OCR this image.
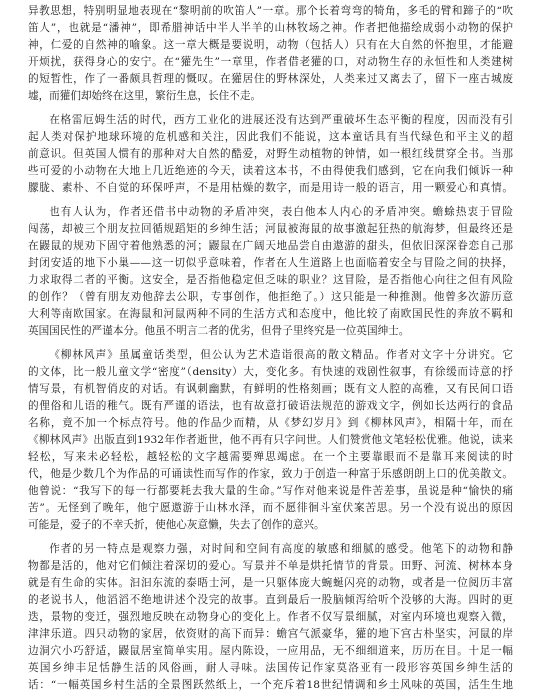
异教思想，特别明显地表现在“黎明前的吹笛人”一章。那个长着弯弯的犄角，多毛的臂和蹄子的“吹
笛人”，也就是“潘神”，即希腊神话中半人半羊的山林牧场之神。作者把他描绘成弱小动物的保护
神，仁爱的自然神的喻象。这一章大概是要说明，动物（包括人）只有在大自然的怀抱里，才能避
开烦扰，获得身心的安宁。在“獾先生”一章里，作者借老獾的口，对动物生存的永恒性和人类建树
的短暂性，作了一番颇具哲理的慨叹。在獾居住的野林深处，人类来过又离去了，留下一座古城废
墟，而獾们却始终在这里，繁衍生息，长住不走。
在格雷厄姆生活的时代，西方工业化的进展还没有达到严重破坏生态平衡的程度，因而没有引
起人类对保护地球环境的危机感和关注，因此我们不能说，这本童话具有当代绿色和平主义的超
前意识。但英国人惯有的那种对大自然的酷爱，对野生动植物的钟情，如一根红线贯穿全书。当那
些可爱的小动物在大地上几近绝迹的今天，读着这本书，不由得使我们感到，它在向我们倾诉一种
朦胧、素朴、不自觉的环保呼声，不是用枯燥的数字，而是用诗一般的语言，用一颗爱心和真情。
也有人认为，作者还借书中动物的矛盾冲突，表白他本人内心的矛盾冲突。蟾蜍热衷于冒险
闯荡，却被三个朋友拉回循规蹈矩的乡绅生活；河鼠被海鼠的故事激起狂热的航海梦，但最终还是
在鼹鼠的规劝下固守着他熟悉的河；鼹鼠在广阔天地品尝自由遨游的甜头，但依旧深深眷恋自己那
封闭安适的地下小巢——这一切似乎意味着，作者在人生道路上也面临着安全与冒险之间的抉择，
力求取得二者的平衡。这安全，是否指他稳定但乏味的职业？这冒险，是否指他心向往之但有风险
的创作？（曾有朋友劝他辞去公职，专事创作，他拒绝了。）这只能是一种推测。他曾多次游历意
大利等南欧国家。在海鼠和河鼠两种不同的生活方式和态度中，他比较了南欧国民性的奔放不羁和
英国国民性的严谨本分。他虽不明言二者的优劣，但骨子里终究是一位英国绅士。
《柳林风声》虽属童话类型，但公认为艺术造诣很高的散文精品。作者对文字十分讲究。它
的文体，比一般儿童文学“密度”（density）大，变化多。有快速的戏剧性叙事，有徐缓而诗意的抒
情写景，有机智俏皮的对话。有讽刺幽默，有鲜明的性格刻画；既有文人腔的高雅，又有民间口语
的俚俗和儿语的稚气。既有严谨的语法，也有故意打破语法规范的游戏文字，例如长达两行的食品
名称，竟不加一个标点符号。他的作品少而精，从《梦幻岁月》到《柳林风声》，相隔十年，而在
《柳林风声》出版直到1932年作者逝世，他不再有只字问世。人们赞赏他文笔轻松优雅。他说，读来
轻松，写来未必轻松，越轻松的文字越需要殚思竭虑。在一个主要靠眼而不是靠耳来阅读的时
代，他是少数几个为作品的可诵读性而写作的作家，致力于创造一种富于乐感朗朗上口的优美散文。
他曾说：“我写下的每一行都要耗去我大量的生命。”写作对他来说是件苦差事，虽说是种“愉快的痛
苦”。无怪到了晚年，他宁愿遨游于山林水泽，而不愿徘徊斗室伏案苦思。另一个没有说出的原因
可能是，爱子的不幸夭折，使他心灰意懒，失去了创作的意兴。
作者的另一特点是观察力强，对时间和空间有高度的敏感和细腻的感受。他笔下的动物和静
物都是活的，他对它们倾注着深切的爱心。写景并不单是烘托情节的背景。田野、河流、树林本身
就是有生命的实体。汩汩东流的泰晤士河，是一只躯体庞大蜿蜒闪亮的动物，或者是一位阅历丰富
的老说书人，他滔滔不绝地讲述个没完的故事。直到最后一股脑倾泻给听个没够的大海。四时的更
迭，景物的变迁，强烈地反映在动物身心的变化上。作者不仅写景细腻，对室内环境也观察入微，
津津乐道。四只动物的家居，依资财的高下而异：蟾宫气派豪华，獾的地下宫古朴坚实，河鼠的岸
边洞穴小巧舒适，鼹鼠居室简单实用。屋内陈设，一应用品，无不细细道来，历历在目。十足一幅
英国乡绅丰足恬静生活的风俗画，耐人寻味。法国传记作家莫洛亚有一段形容英国乡绅生活的
话：“一幅英国乡村生活的全景图跃然纸上，一个充斥着18世纪情调和乡土风味的英国，活生生地
